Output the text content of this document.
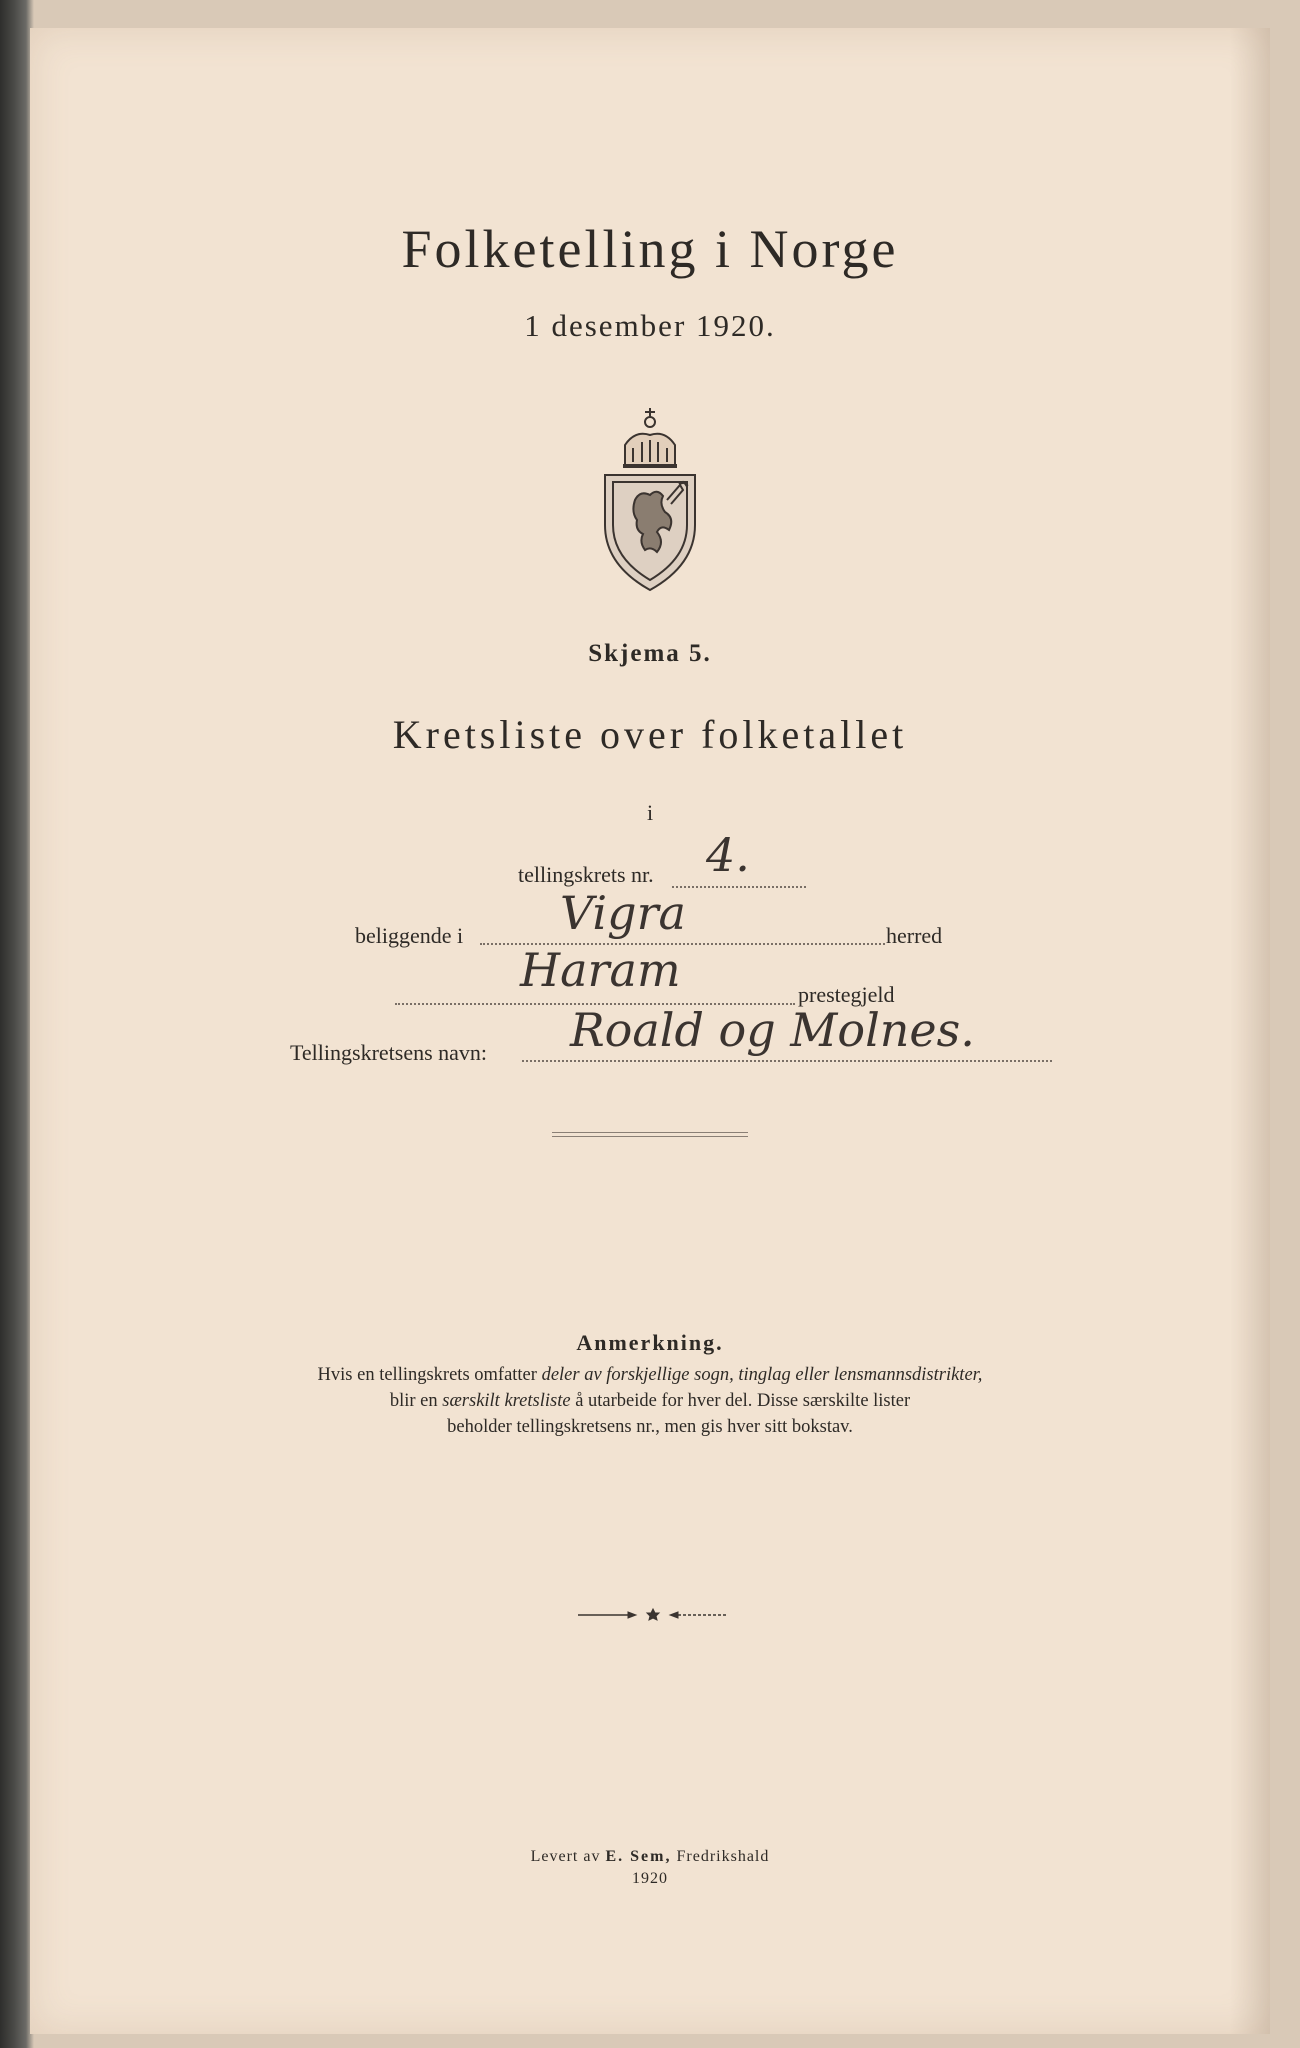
Folketelling i Norge
1 desember 1920.
Skjema 5.
Kretsliste over folketallet
i
tellingskrets nr. 4.
beliggende i Vigra	herred
Haram	prestegjeld
Tellingskretsens navn: Roald og Molnes.
Anmerkning.
Hvis en tellingskrets omfatter deler av forskjellige sogn, tinglag eller lensmannsdistrikter,
blir en særskilt kretsliste å utarbeide for hver del. Disse særskilte lister
beholder tellingskretsens nr., men gis hver sitt bokstav.
Levert av E. Sem, Fredrikshald
1920
